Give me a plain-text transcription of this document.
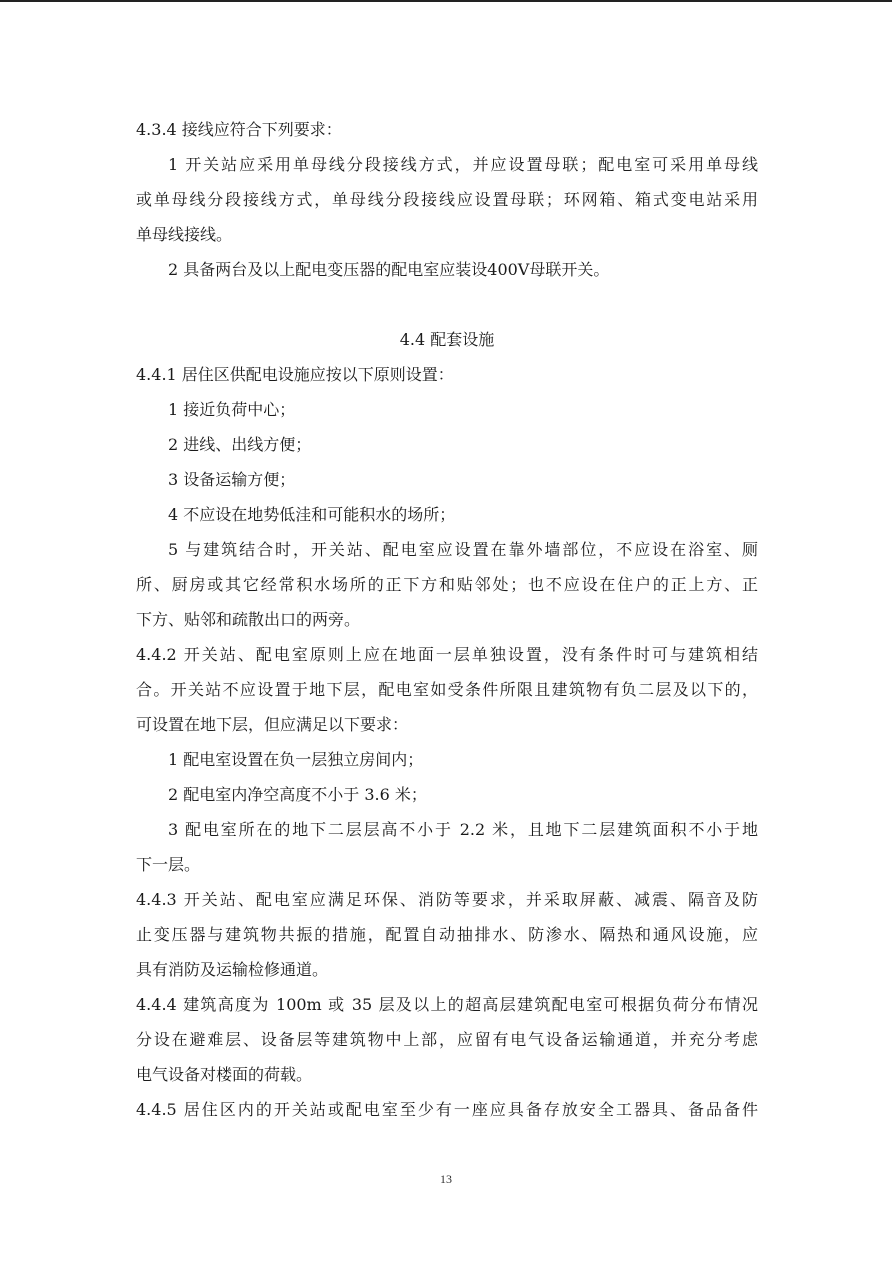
4.3.4 接线应符合下列要求：
1 开关站应采用单母线分段接线方式，并应设置母联；配电室可采用单母线
或单母线分段接线方式，单母线分段接线应设置母联；环网箱、箱式变电站采用
单母线接线。
2 具备两台及以上配电变压器的配电室应装设400V母联开关。
4.4 配套设施
4.4.1 居住区供配电设施应按以下原则设置：
1 接近负荷中心；
2 进线、出线方便；
3 设备运输方便；
4 不应设在地势低洼和可能积水的场所；
5 与建筑结合时，开关站、配电室应设置在靠外墙部位，不应设在浴室、厕
所、厨房或其它经常积水场所的正下方和贴邻处；也不应设在住户的正上方、正
下方、贴邻和疏散出口的两旁。
4.4.2 开关站、配电室原则上应在地面一层单独设置，没有条件时可与建筑相结
合。开关站不应设置于地下层，配电室如受条件所限且建筑物有负二层及以下的，
可设置在地下层，但应满足以下要求：
1 配电室设置在负一层独立房间内；
2 配电室内净空高度不小于 3.6 米；
3 配电室所在的地下二层层高不小于 2.2 米，且地下二层建筑面积不小于地
下一层。
4.4.3 开关站、配电室应满足环保、消防等要求，并采取屏蔽、减震、隔音及防
止变压器与建筑物共振的措施，配置自动抽排水、防渗水、隔热和通风设施，应
具有消防及运输检修通道。
4.4.4 建筑高度为 100m 或 35 层及以上的超高层建筑配电室可根据负荷分布情况
分设在避难层、设备层等建筑物中上部，应留有电气设备运输通道，并充分考虑
电气设备对楼面的荷载。
4.4.5 居住区内的开关站或配电室至少有一座应具备存放安全工器具、备品备件
13
